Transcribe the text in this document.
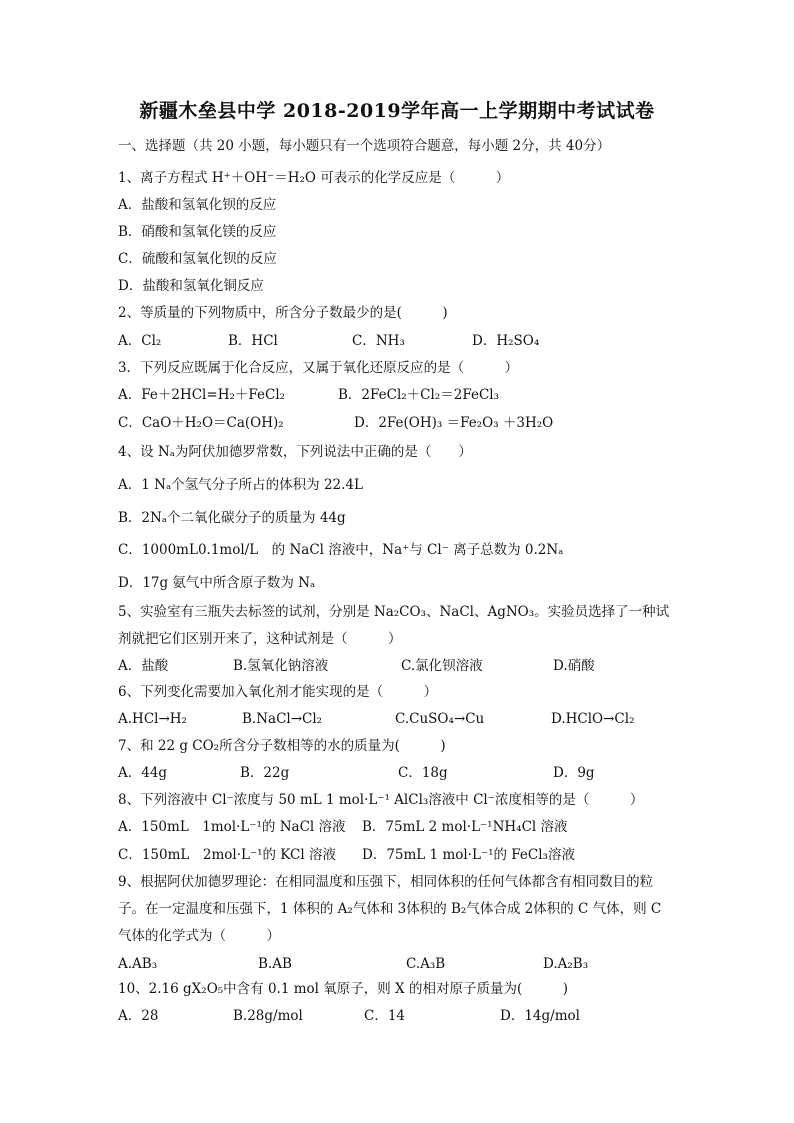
新疆木垒县中学 2018-2019学年高一上学期期中考试试卷
一、选择题（共 20 小题，每小题只有一个选项符合题意，每小题 2分，共 40分）
1、离子方程式 H⁺＋OH⁻＝H₂O 可表示的化学反应是（　　　）
A．盐酸和氢氧化钡的反应
B．硝酸和氢氧化镁的反应
C．硫酸和氢氧化钡的反应
D．盐酸和氢氧化铜反应
2、等质量的下列物质中，所含分子数最少的是(　　　)
A．Cl₂	B．HCl	C．NH₃	D．H₂SO₄
3．下列反应既属于化合反应，又属于氧化还原反应的是（　　　）
A．Fe＋2HCl=H₂＋FeCl₂	B．2FeCl₂＋Cl₂＝2FeCl₃
C．CaO＋H₂O＝Ca(OH)₂	D．2Fe(OH)₃ ＝Fe₂O₃ ＋3H₂O
4、设 Nₐ为阿伏加德罗常数，下列说法中正确的是（　　）
A．1 Nₐ个氢气分子所占的体积为 22.4L
B．2Nₐ个二氧化碳分子的质量为 44g
C．1000mL0.1mol/L　的 NaCl 溶液中，Na⁺与 Cl⁻ 离子总数为 0.2Nₐ
D．17g 氨气中所含原子数为 Nₐ
5、实验室有三瓶失去标签的试剂，分别是 Na₂CO₃、NaCl、AgNO₃。实验员选择了一种试
剂就把它们区别开来了，这种试剂是（　　　）
A．盐酸	B.氢氧化钠溶液	C.氯化钡溶液	D.硝酸
6、下列变化需要加入氧化剂才能实现的是（　　　）
A.HCl→H₂	B.NaCl→Cl₂	C.CuSO₄→Cu	D.HClO→Cl₂
7、和 22 g CO₂所含分子数相等的水的质量为(　　　)
A．44g	B．22g	C．18g	D．9g
8、下列溶液中 Cl⁻浓度与 50 mL 1 mol·L⁻¹ AlCl₃溶液中 Cl⁻浓度相等的是（　　　）
A．150mL　1mol·L⁻¹的 NaCl 溶液 B．75mL 2 mol·L⁻¹NH₄Cl 溶液
C．150mL　2mol·L⁻¹的 KCl 溶液 D．75mL 1 mol·L⁻¹的 FeCl₃溶液
9、根据阿伏加德罗理论：在相同温度和压强下，相同体积的任何气体都含有相同数目的粒
子。在一定温度和压强下，1 体积的 A₂气体和 3体积的 B₂气体合成 2体积的 C 气体，则 C
气体的化学式为（　　　）
A.AB₃	B.AB	C.A₃B	D.A₂B₃
10、2.16 gX₂O₅中含有 0.1 mol 氧原子，则 X 的相对原子质量为(　　　)
A．28	B.28g/mol	C．14	D．14g/mol
